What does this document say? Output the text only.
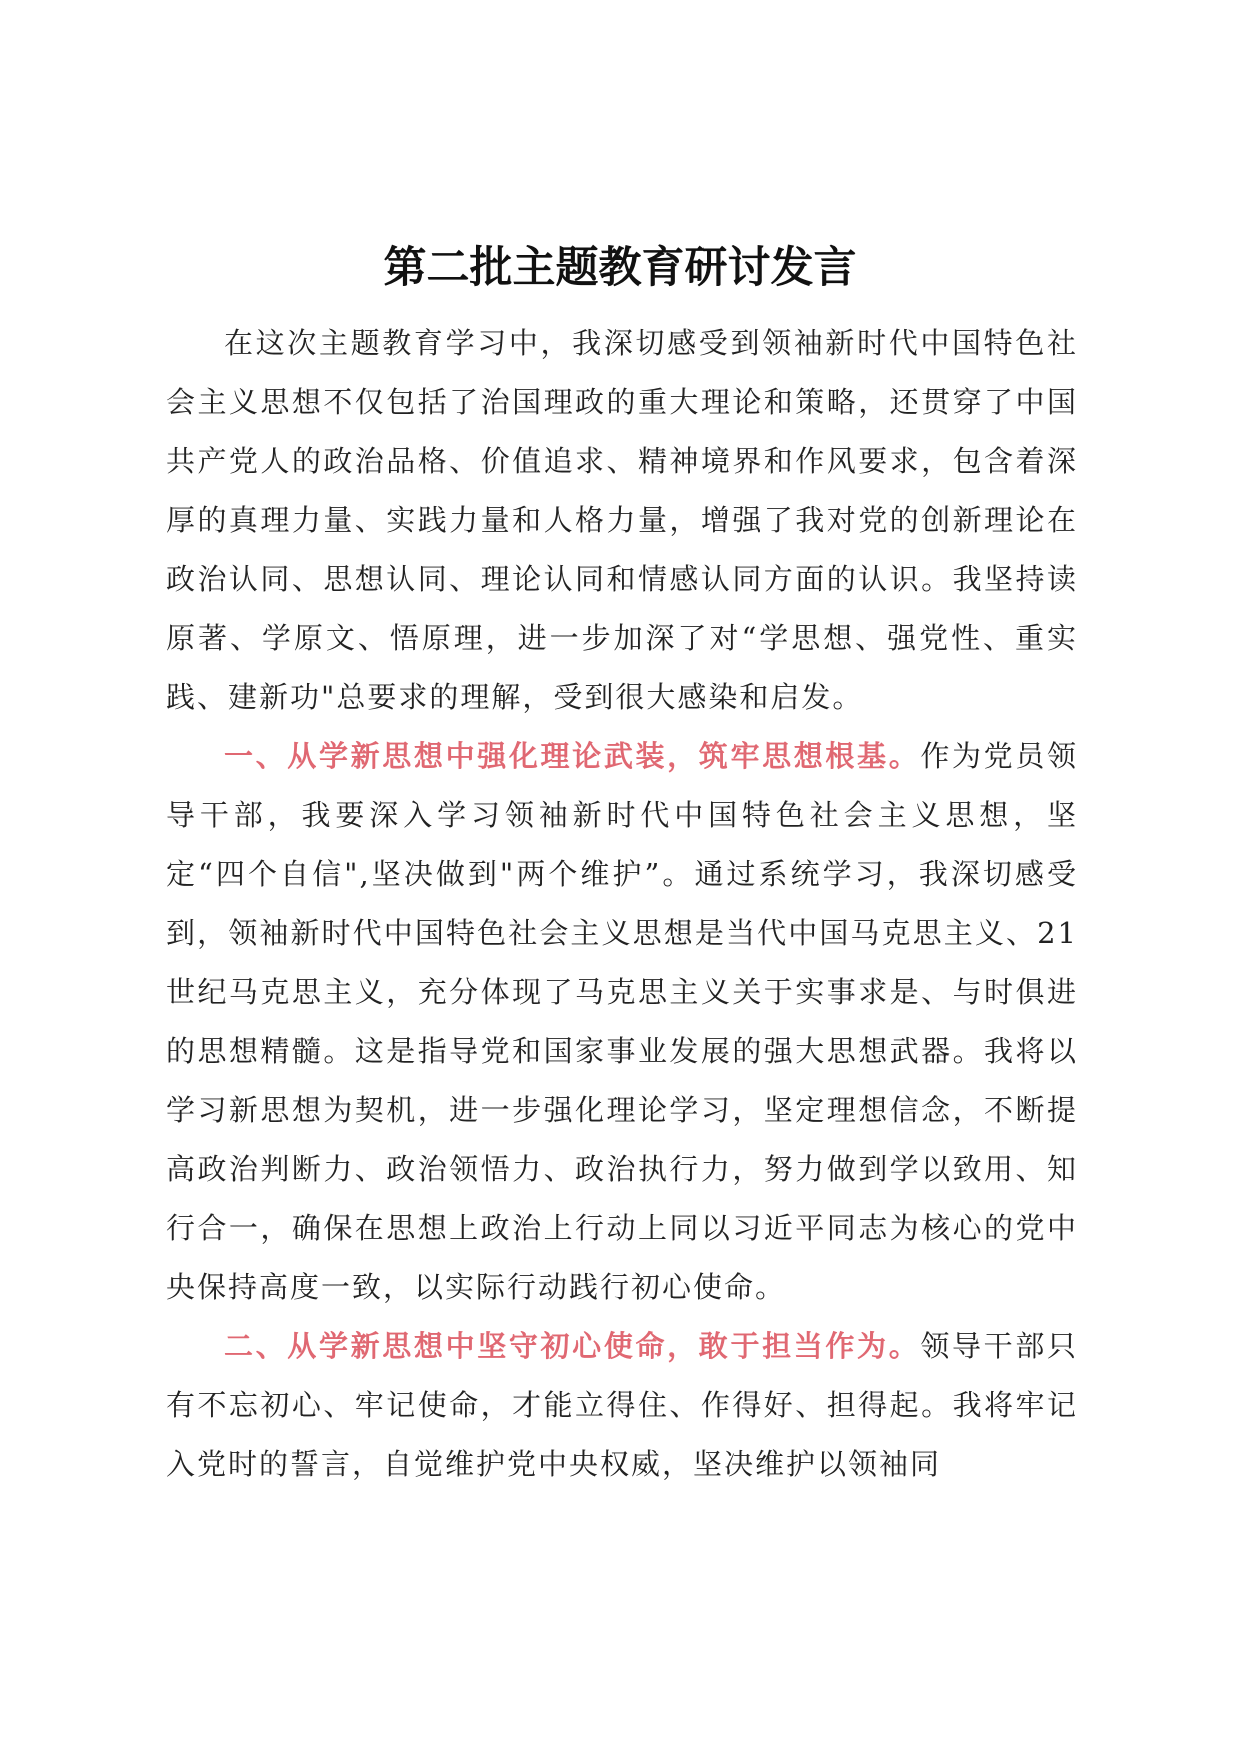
第二批主题教育研讨发言

在这次主题教育学习中，我深切感受到领袖新时代中国特色社会主义思想不仅包括了治国理政的重大理论和策略，还贯穿了中国共产党人的政治品格、价值追求、精神境界和作风要求，包含着深厚的真理力量、实践力量和人格力量，增强了我对党的创新理论在政治认同、思想认同、理论认同和情感认同方面的认识。我坚持读原著、学原文、悟原理，进一步加深了对“学思想、强党性、重实践、建新功"总要求的理解，受到很大感染和启发。

一、从学新思想中强化理论武装，筑牢思想根基。作为党员领导干部，我要深入学习领袖新时代中国特色社会主义思想，坚定“四个自信",坚决做到"两个维护”。通过系统学习，我深切感受到，领袖新时代中国特色社会主义思想是当代中国马克思主义、21世纪马克思主义，充分体现了马克思主义关于实事求是、与时俱进的思想精髓。这是指导党和国家事业发展的强大思想武器。我将以学习新思想为契机，进一步强化理论学习，坚定理想信念，不断提高政治判断力、政治领悟力、政治执行力，努力做到学以致用、知行合一，确保在思想上政治上行动上同以习近平同志为核心的党中央保持高度一致，以实际行动践行初心使命。

二、从学新思想中坚守初心使命，敢于担当作为。领导干部只有不忘初心、牢记使命，才能立得住、作得好、担得起。我将牢记入党时的誓言，自觉维护党中央权威，坚决维护以领袖同
